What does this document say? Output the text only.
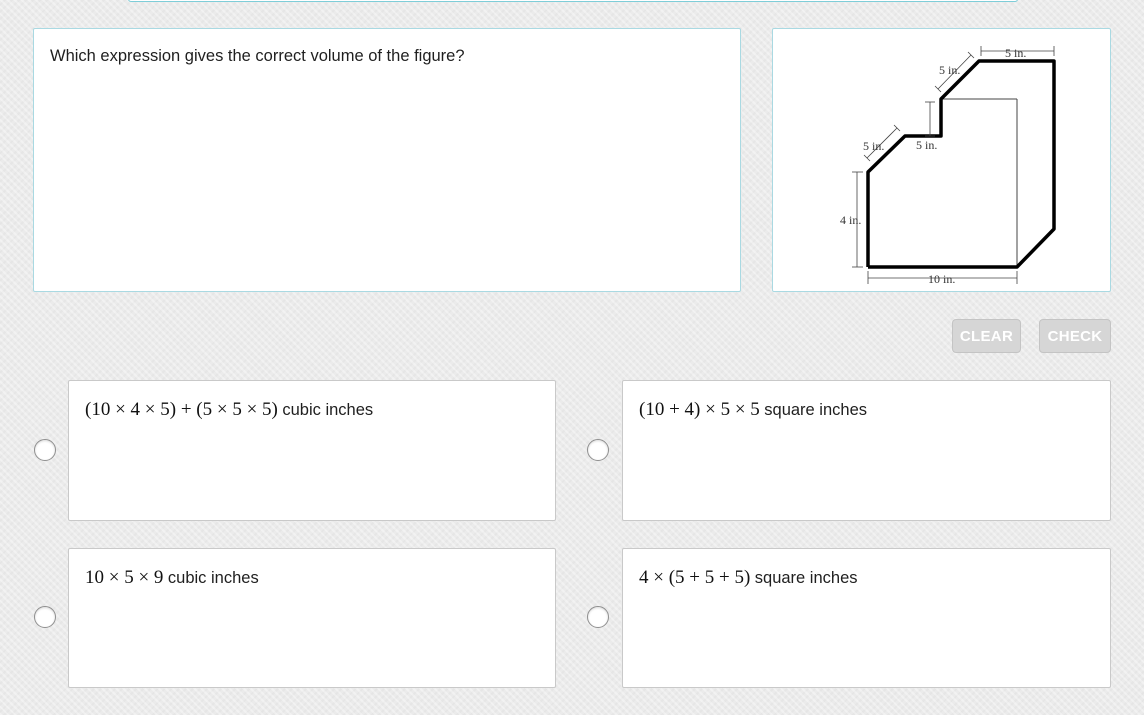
Which expression gives the correct volume of the figure?	5 in.
5 in.
5 in.	5 in.
4 in.
10 in.
CLEAR	CHECK
(10 × 4 × 5) + (5 × 5 × 5) cubic inches	(10 + 4) × 5 × 5 square inches
10 × 5 × 9 cubic inches	4 × (5 + 5 + 5) square inches
